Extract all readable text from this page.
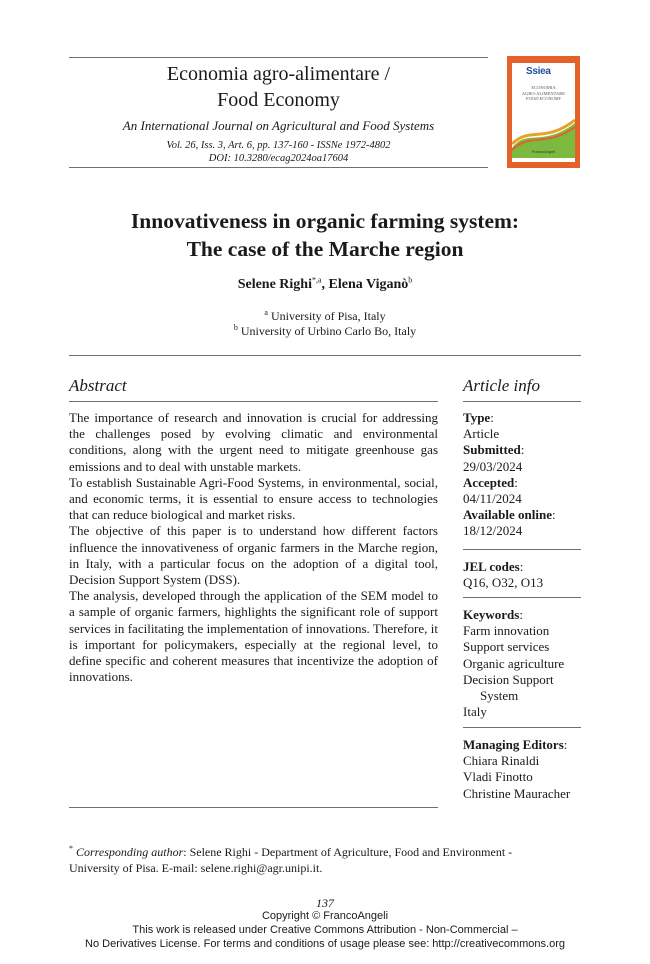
Economia agro-alimentare /
Food Economy
An International Journal on Agricultural and Food Systems
Vol. 26, Iss. 3, Art. 6, pp. 137-160 - ISSNe 1972-4802
DOI: 10.3280/ecag2024oa17604
Ssiea
ECONOMIA
AGRO-ALIMENTARE
FOOD ECONOMY
FrancoAngeli
Innovativeness in organic farming system:
The case of the Marche region
Selene Righi$^{*,a}$, Elena Viganò$^b$
$^a$ University of Pisa, Italy
$^b$ University of Urbino Carlo Bo, Italy
Abstract

The importance of research and innovation is crucial for addressing the challenges posed by evolving climatic and environmental conditions, along with the urgent need to mitigate greenhouse gas emissions and to deal with unstable markets.

To establish Sustainable Agri-Food Systems, in environmental, social, and economic terms, it is essential to ensure access to technologies that can reduce biological and market risks.

The objective of this paper is to understand how different factors influence the innovativeness of organic farmers in the Marche region, in Italy, with a particular focus on the adoption of a digital tool, Decision Support System (DSS).

The analysis, developed through the application of the SEM model to a sample of organic farmers, highlights the significant role of support services in facilitating the implementation of innovations. Therefore, it is important for policymakers, especially at the regional level, to define specific and coherent measures that incentivize the adoption of innovations.

Article info
Type:
Article
Submitted:
29/03/2024
Accepted:
04/11/2024
Available online:
18/12/2024
JEL codes:
Q16, O32, O13
Keywords:
Farm innovation
Support services
Organic agriculture
Decision Support
System
Italy
Managing Editors:
Chiara Rinaldi
Vladi Finotto
Christine Mauracher
* Corresponding author: Selene Righi - Department of Agriculture, Food and Environment -
University of Pisa. E-mail: selene.righi@agr.unipi.it.
137
Copyright © FrancoAngeli
This work is released under Creative Commons Attribution - Non-Commercial –
No Derivatives License. For terms and conditions of usage please see: http://creativecommons.org
